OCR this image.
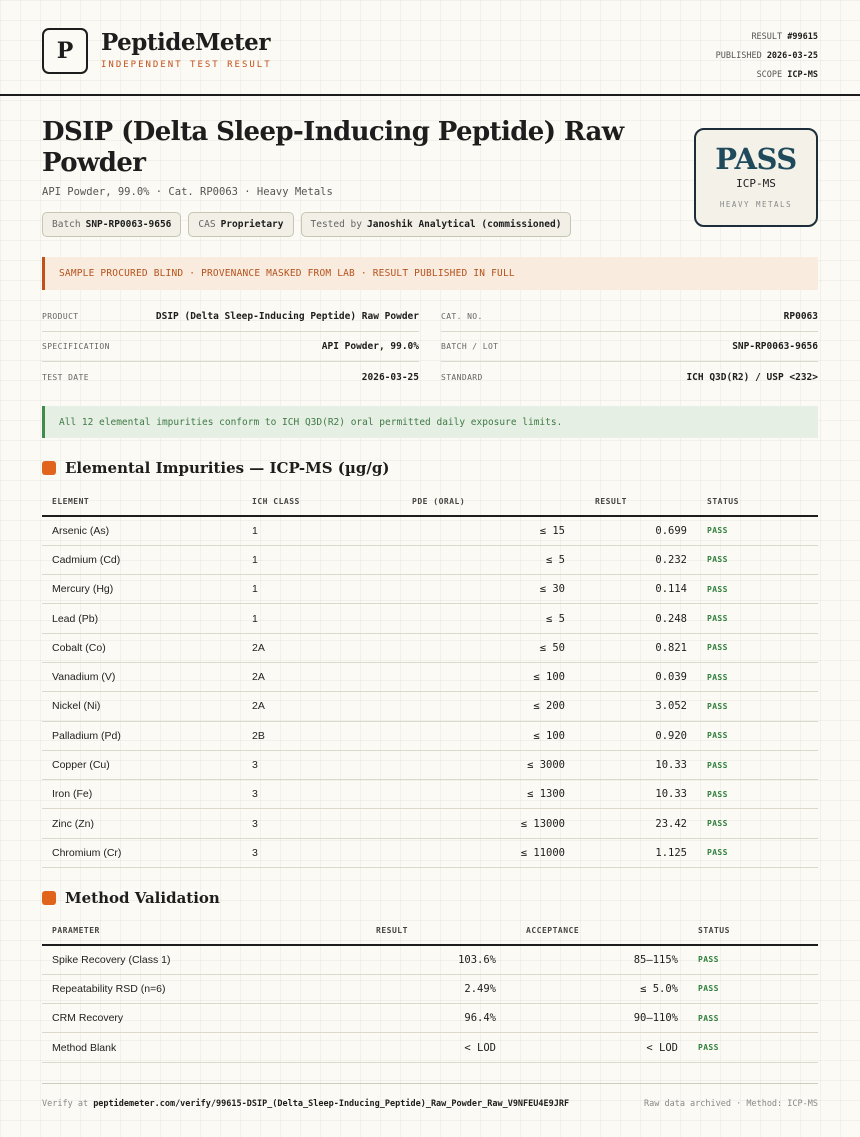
P	PeptideMeter
INDEPENDENT TEST RESULT
RESULT #99615
PUBLISHED 2026-03-25
SCOPE ICP-MS
DSIP (Delta Sleep-Inducing Peptide) Raw Powder
API Powder, 99.0% · Cat. RP0063 · Heavy Metals
Batch SNP-RP0063-9656	CAS Proprietary	Tested by Janoshik Analytical (commissioned)
PASS
ICP-MS
HEAVY METALS
SAMPLE PROCURED BLIND · PROVENANCE MASKED FROM LAB · RESULT PUBLISHED IN FULL
PRODUCT	DSIP (Delta Sleep-Inducing Peptide) Raw Powder
SPECIFICATION	API Powder, 99.0%
TEST DATE	2026-03-25
CAT. NO.	RP0063
BATCH / LOT	SNP-RP0063-9656
STANDARD	ICH Q3D(R2) / USP <232>
All 12 elemental impurities conform to ICH Q3D(R2) oral permitted daily exposure limits.
Elemental Impurities — ICP-MS (µg/g)
ELEMENT	ICH CLASS	PDE (ORAL)	RESULT	STATUS
Arsenic (As)	1	≤ 15	0.699	PASS
Cadmium (Cd)	1	≤ 5	0.232	PASS
Mercury (Hg)	1	≤ 30	0.114	PASS
Lead (Pb)	1	≤ 5	0.248	PASS
Cobalt (Co)	2A	≤ 50	0.821	PASS
Vanadium (V)	2A	≤ 100	0.039	PASS
Nickel (Ni)	2A	≤ 200	3.052	PASS
Palladium (Pd)	2B	≤ 100	0.920	PASS
Copper (Cu)	3	≤ 3000	10.33	PASS
Iron (Fe)	3	≤ 1300	10.33	PASS
Zinc (Zn)	3	≤ 13000	23.42	PASS
Chromium (Cr)	3	≤ 11000	1.125	PASS
Method Validation
PARAMETER	RESULT	ACCEPTANCE	STATUS
Spike Recovery (Class 1)	103.6%	85–115%	PASS
Repeatability RSD (n=6)	2.49%	≤ 5.0%	PASS
CRM Recovery	96.4%	90–110%	PASS
Method Blank	< LOD	< LOD	PASS
Verify at peptidemeter.com/verify/99615-DSIP_(Delta_Sleep-Inducing_Peptide)_Raw_Powder_Raw_V9NFEU4E9JRF	Raw data archived · Method: ICP-MS
